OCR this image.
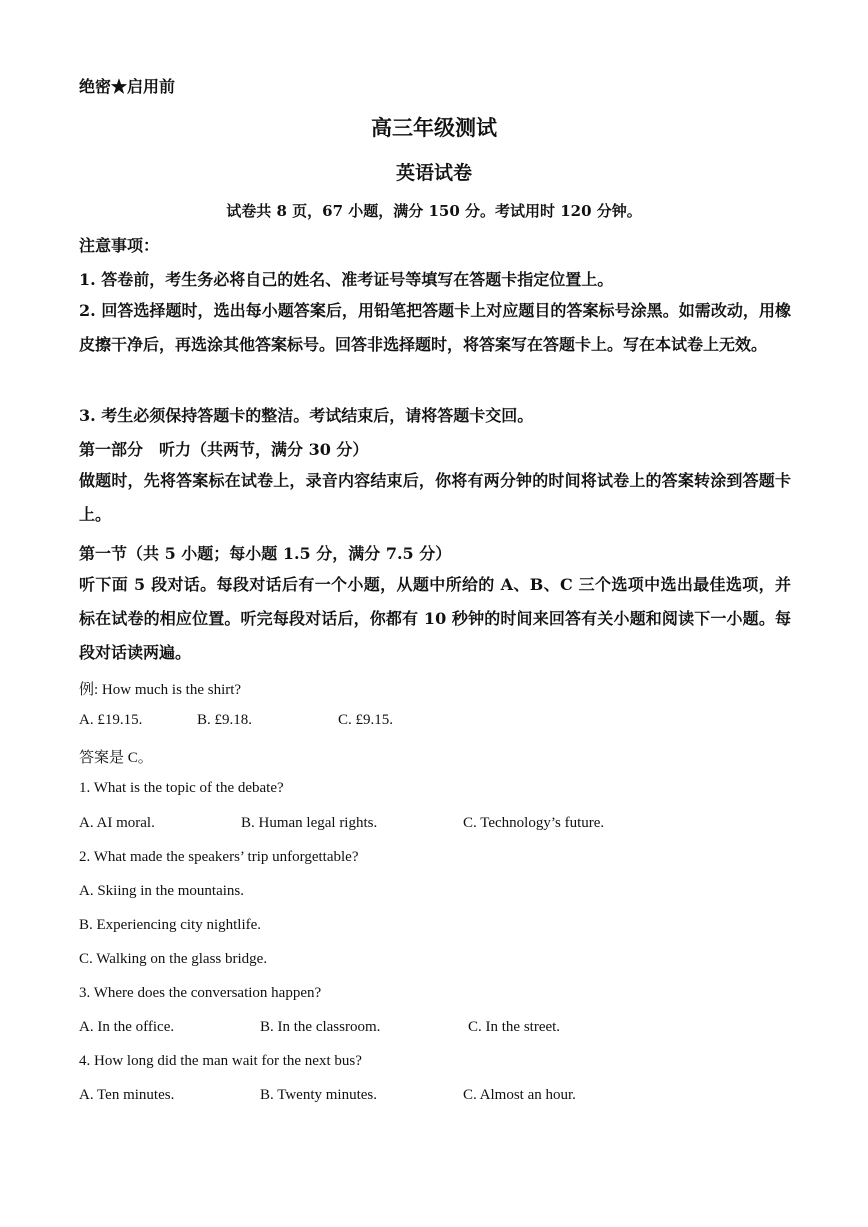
绝密★启用前
高三年级测试
英语试卷
试卷共 8 页，67 小题，满分 150 分。考试用时 120 分钟。
注意事项：
1. 答卷前，考生务必将自己的姓名、准考证号等填写在答题卡指定位置上。
2. 回答选择题时，选出每小题答案后，用铅笔把答题卡上对应题目的答案标号涂黑。如需改动，用橡皮擦干净后，再选涂其他答案标号。回答非选择题时，将答案写在答题卡上。写在本试卷上无效。
3. 考生必须保持答题卡的整洁。考试结束后，请将答题卡交回。
第一部分　听力（共两节，满分 30 分）
做题时，先将答案标在试卷上，录音内容结束后，你将有两分钟的时间将试卷上的答案转涂到答题卡上。
第一节（共 5 小题；每小题 1.5 分，满分 7.5 分）
听下面 5 段对话。每段对话后有一个小题，从题中所给的 A、B、C 三个选项中选出最佳选项，并标在试卷的相应位置。听完每段对话后，你都有 10 秒钟的时间来回答有关小题和阅读下一小题。每段对话读两遍。
例: How much is the shirt?
A. £19.15.	B. £9.18.	C. £9.15.
答案是 C。
1. What is the topic of the debate?
A. AI moral.	B. Human legal rights.	C. Technology’s future.
2. What made the speakers’ trip unforgettable?
A. Skiing in the mountains.
B. Experiencing city nightlife.
C. Walking on the glass bridge.
3. Where does the conversation happen?
A. In the office.	B. In the classroom.	C. In the street.
4. How long did the man wait for the next bus?
A. Ten minutes.	B. Twenty minutes.	C. Almost an hour.
